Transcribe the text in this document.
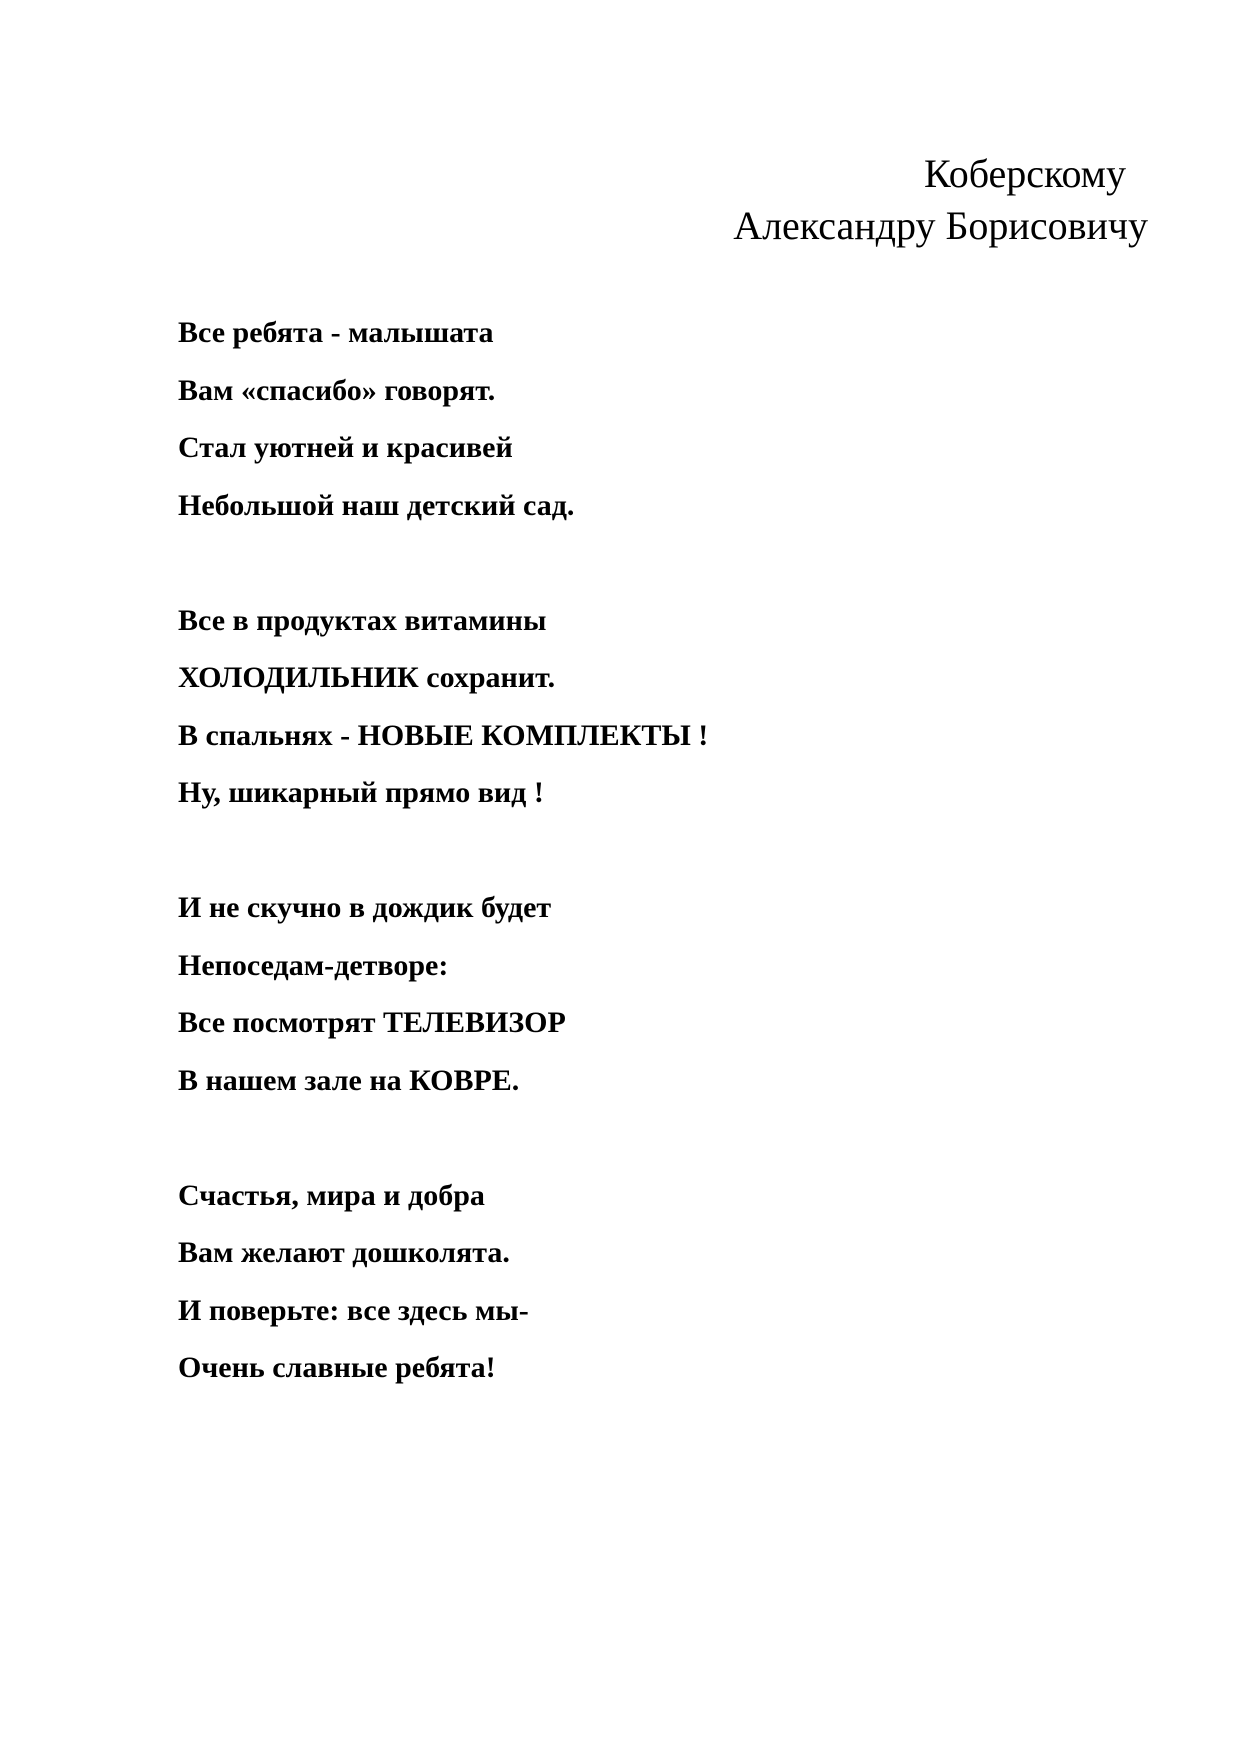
Коберскому
Александру Борисовичу
Все ребята - малышата
Вам «спасибо» говорят.
Стал уютней и красивей
Небольшой наш детский сад.
Все в продуктах витамины
ХОЛОДИЛЬНИК сохранит.
В спальнях - НОВЫЕ КОМПЛЕКТЫ !
Ну, шикарный прямо вид !
И не скучно в дождик будет
Непоседам-детворе:
Все посмотрят ТЕЛЕВИЗОР
В нашем зале на КОВРЕ.
Счастья, мира и добра
Вам желают дошколята.
И поверьте: все здесь мы-
Очень славные ребята!
